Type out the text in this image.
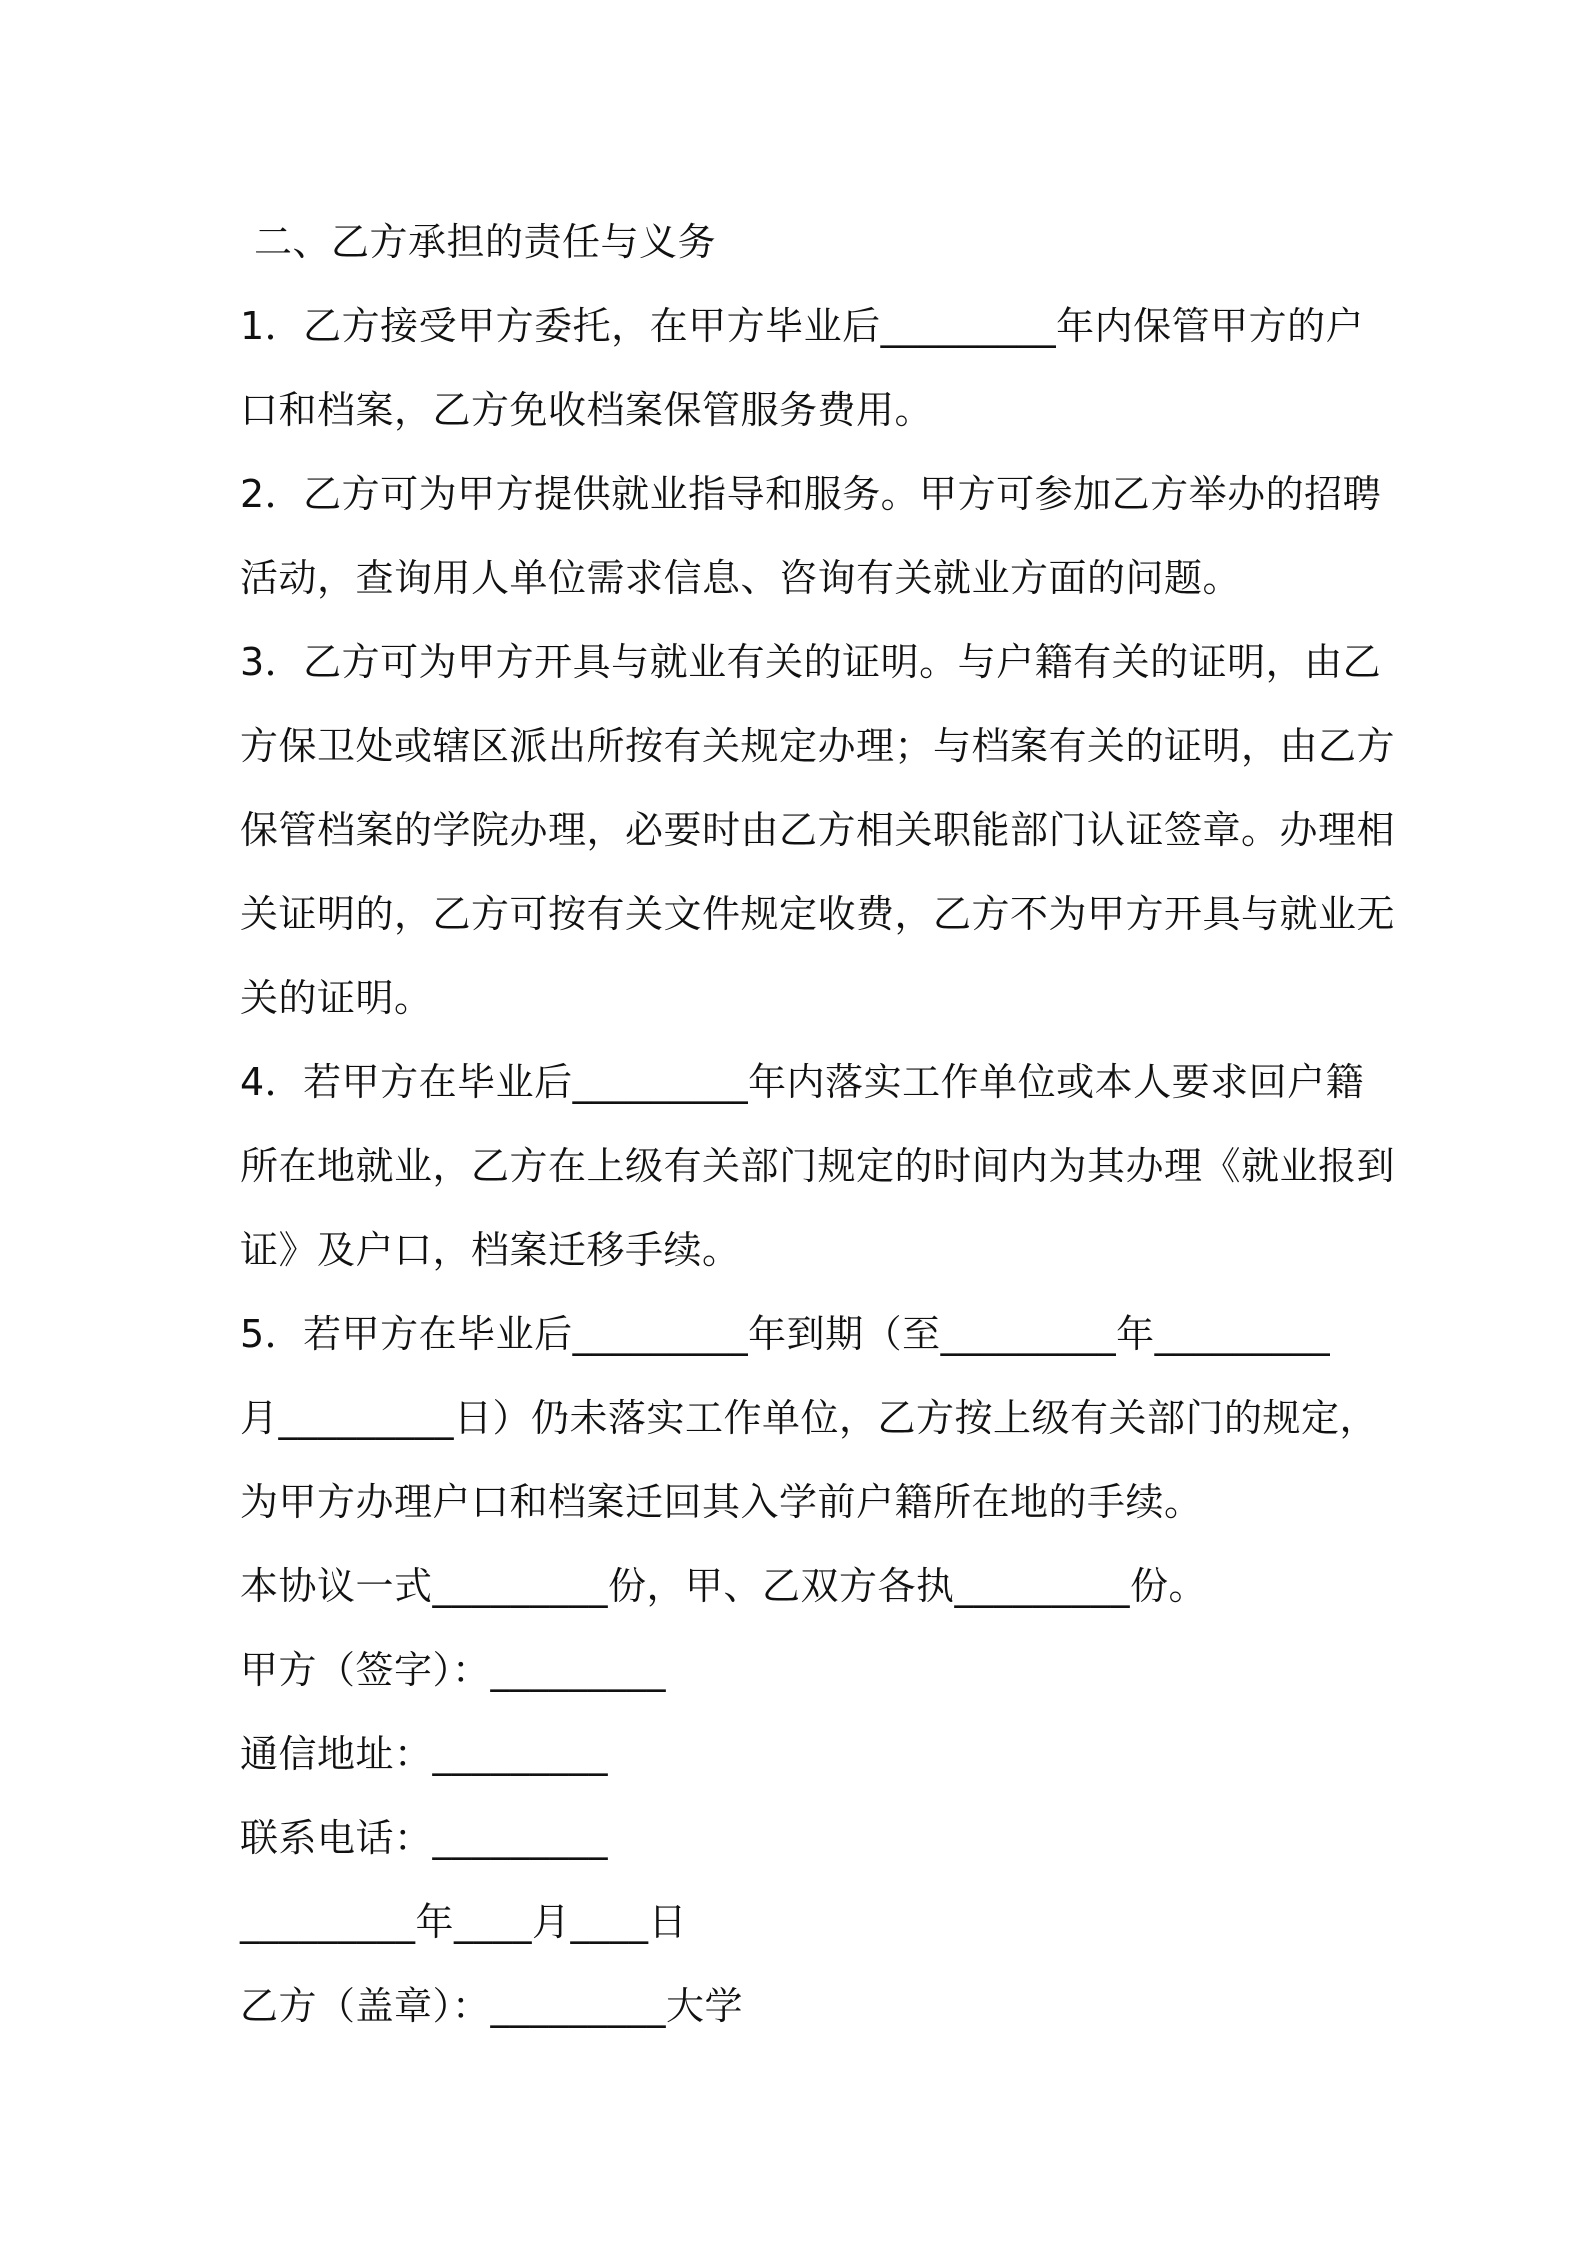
二、乙方承担的责任与义务
1．乙方接受甲方委托，在甲方毕业后_________年内保管甲方的户
口和档案，乙方免收档案保管服务费用。
2．乙方可为甲方提供就业指导和服务。甲方可参加乙方举办的招聘
活动，查询用人单位需求信息、咨询有关就业方面的问题。
3．乙方可为甲方开具与就业有关的证明。与户籍有关的证明，由乙
方保卫处或辖区派出所按有关规定办理；与档案有关的证明，由乙方
保管档案的学院办理，必要时由乙方相关职能部门认证签章。办理相
关证明的，乙方可按有关文件规定收费，乙方不为甲方开具与就业无
关的证明。
4．若甲方在毕业后_________年内落实工作单位或本人要求回户籍
所在地就业，乙方在上级有关部门规定的时间内为其办理《就业报到
证》及户口，档案迁移手续。
5．若甲方在毕业后_________年到期（至_________年_________
月_________日）仍未落实工作单位，乙方按上级有关部门的规定，
为甲方办理户口和档案迁回其入学前户籍所在地的手续。
本协议一式_________份，甲、乙双方各执_________份。
甲方（签字）：_________
通信地址：_________
联系电话：_________
_________年____月____日
乙方（盖章）：_________大学
